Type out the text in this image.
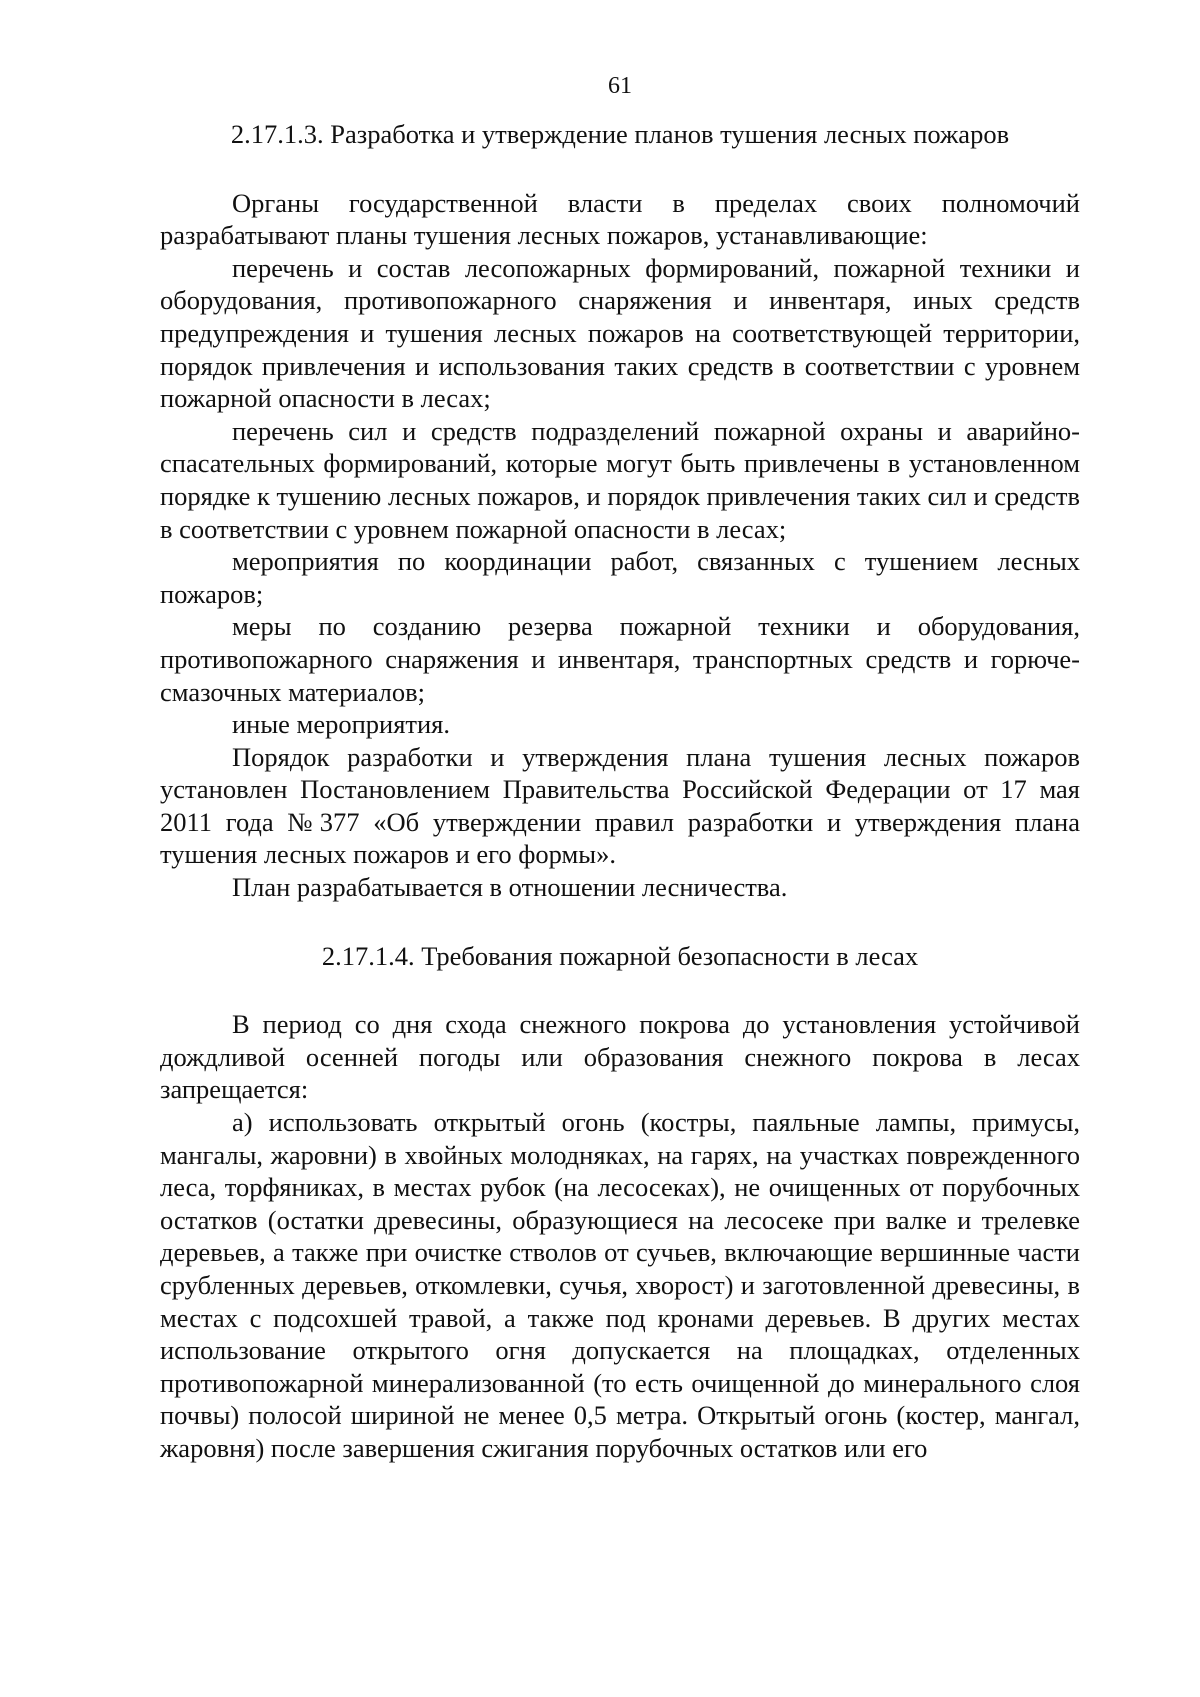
61
2.17.1.3. Разработка и утверждение планов тушения лесных пожаров

Органы государственной власти в пределах своих полномочий разрабатывают планы тушения лесных пожаров, устанавливающие:

перечень и состав лесопожарных формирований, пожарной техники и оборудования, противопожарного снаряжения и инвентаря, иных средств предупреждения и тушения лесных пожаров на соответствующей территории, порядок привлечения и использования таких средств в соответствии с уровнем пожарной опасности в лесах;

перечень сил и средств подразделений пожарной охраны и аварийно-спасательных формирований, которые могут быть привлечены в установленном порядке к тушению лесных пожаров, и порядок привлечения таких сил и средств в соответствии с уровнем пожарной опасности в лесах;

мероприятия по координации работ, связанных с тушением лесных пожаров;

меры по созданию резерва пожарной техники и оборудования, противопожарного снаряжения и инвентаря, транспортных средств и горюче-смазочных материалов;

иные мероприятия.

Порядок разработки и утверждения плана тушения лесных пожаров установлен Постановлением Правительства Российской Федерации от 17 мая 2011 года №377 «Об утверждении правил разработки и утверждения плана тушения лесных пожаров и его формы».

План разрабатывается в отношении лесничества.

2.17.1.4. Требования пожарной безопасности в лесах

В период со дня схода снежного покрова до установления устойчивой дождливой осенней погоды или образования снежного покрова в лесах запрещается:

а) использовать открытый огонь (костры, паяльные лампы, примусы, мангалы, жаровни) в хвойных молодняках, на гарях, на участках поврежденного леса, торфяниках, в местах рубок (на лесосеках), не очищенных от порубочных остатков (остатки древесины, образующиеся на лесосеке при валке и трелевке деревьев, а также при очистке стволов от сучьев, включающие вершинные части срубленных деревьев, откомлевки, сучья, хворост) и заготовленной древесины, в местах с подсохшей травой, а также под кронами деревьев. В других местах использование открытого огня допускается на площадках, отделенных противопожарной минерализованной (то есть очищенной до минерального слоя почвы) полосой шириной не менее 0,5 метра. Открытый огонь (костер, мангал, жаровня) после завершения сжигания порубочных остатков или его
